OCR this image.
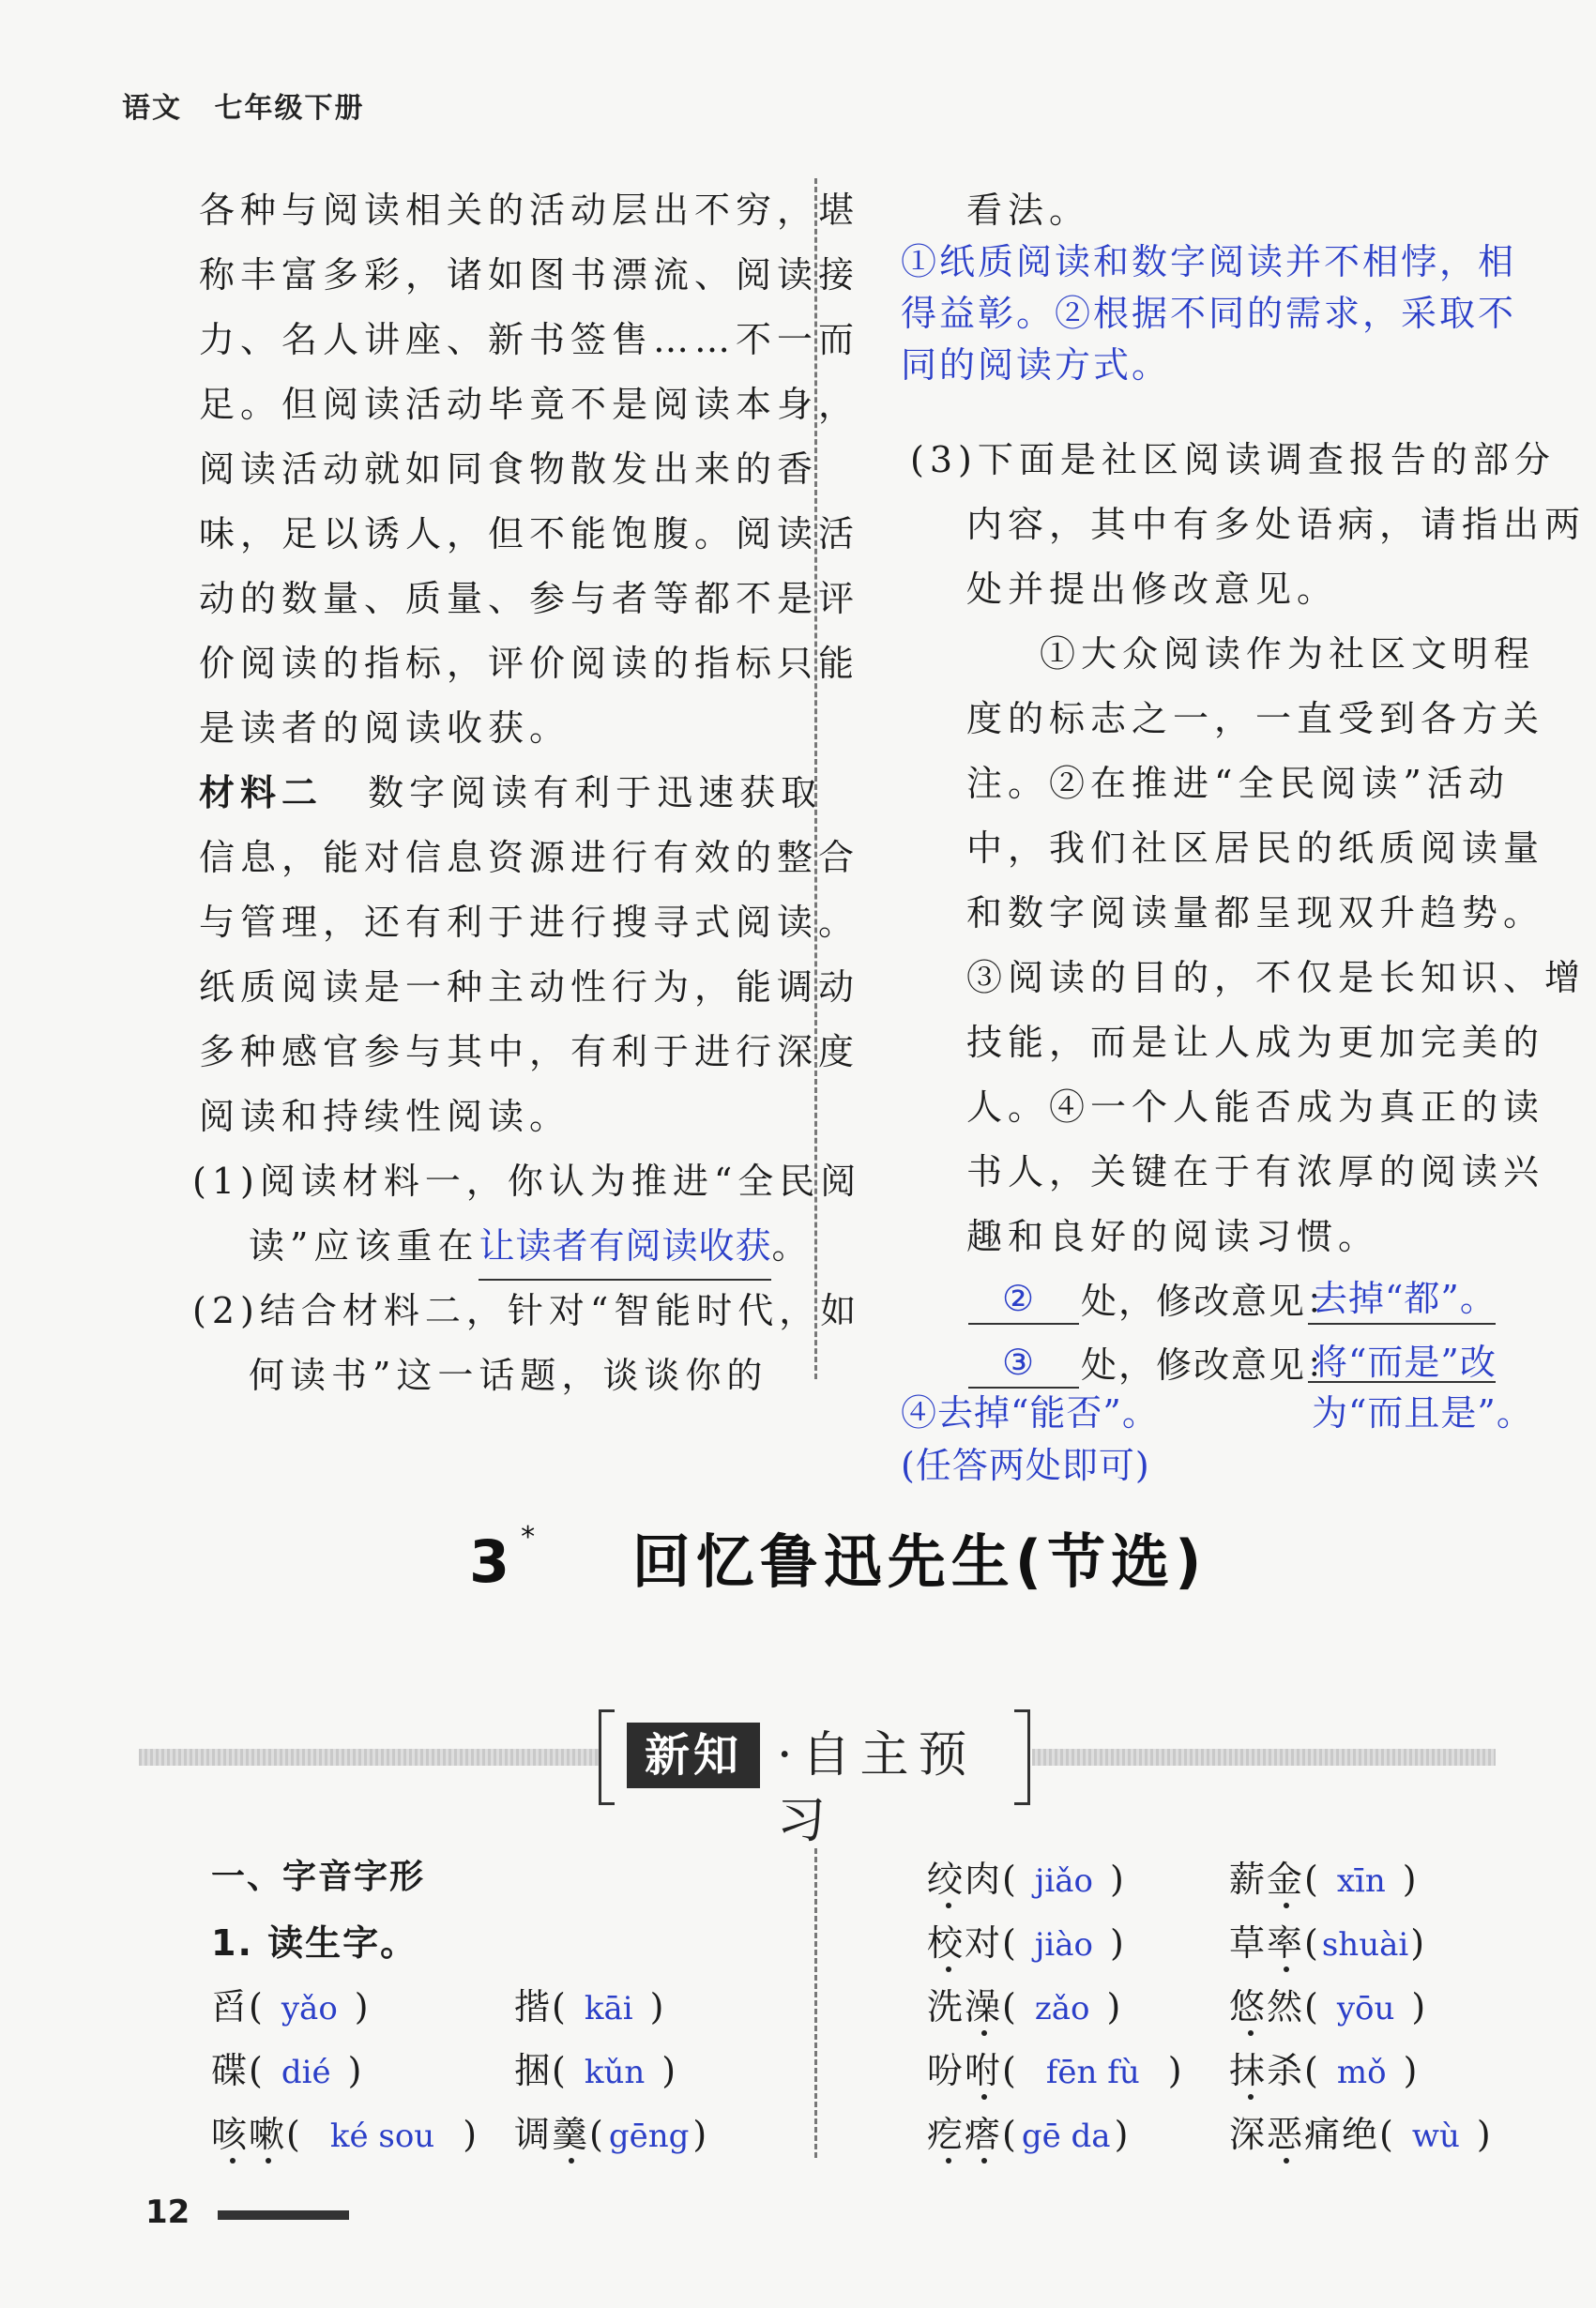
语文 七年级下册
各种与阅读相关的活动层出不穷，堪
称丰富多彩，诸如图书漂流、阅读接
力、名人讲座、新书签售……不一而
足。但阅读活动毕竟不是阅读本身，
阅读活动就如同食物散发出来的香
味，足以诱人，但不能饱腹。阅读活
动的数量、质量、参与者等都不是评
价阅读的指标，评价阅读的指标只能
是读者的阅读收获。
材料二 数字阅读有利于迅速获取
信息，能对信息资源进行有效的整合
与管理，还有利于进行搜寻式阅读。
纸质阅读是一种主动性行为，能调动
多种感官参与其中，有利于进行深度
阅读和持续性阅读。
(1)阅读材料一，你认为推进“全民阅
读”应该重在让读者有阅读收获。
(2)结合材料二，针对“智能时代，如
何读书”这一话题，谈谈你的
看法。
①纸质阅读和数字阅读并不相悖，相
得益彰。②根据不同的需求，采取不
同的阅读方式。
(3)下面是社区阅读调查报告的部分
内容，其中有多处语病，请指出两
处并提出修改意见。
①大众阅读作为社区文明程
度的标志之一，一直受到各方关
注。②在推进“全民阅读”活动
中，我们社区居民的纸质阅读量
和数字阅读量都呈现双升趋势。
③阅读的目的，不仅是长知识、增
技能，而是让人成为更加完美的
人。④一个人能否成为真正的读
书人，关键在于有浓厚的阅读兴
趣和良好的阅读习惯。
② 处，修改意见：
去掉“都”。
③ 处，修改意见：
将“而是”改
为“而且是”。
④去掉“能否”。
(任答两处即可)
3 * 回忆鲁迅先生(节选)
新知 ·自主预习
一、字音字形
1. 读生字。
舀( yǎo )	揩( kāi )
碟( dié )	捆( kǔn )
咳嗽( ké sou ) 调羹( gēng )
绞肉( jiǎo )	薪金( xīn )
校对( jiào )	草率(shuài)
洗澡( zǎo )	悠然( yōu )
吩咐( fēn fù ) 抹杀( mǒ )
疙瘩( gē da )	深恶痛绝( wù )
12
